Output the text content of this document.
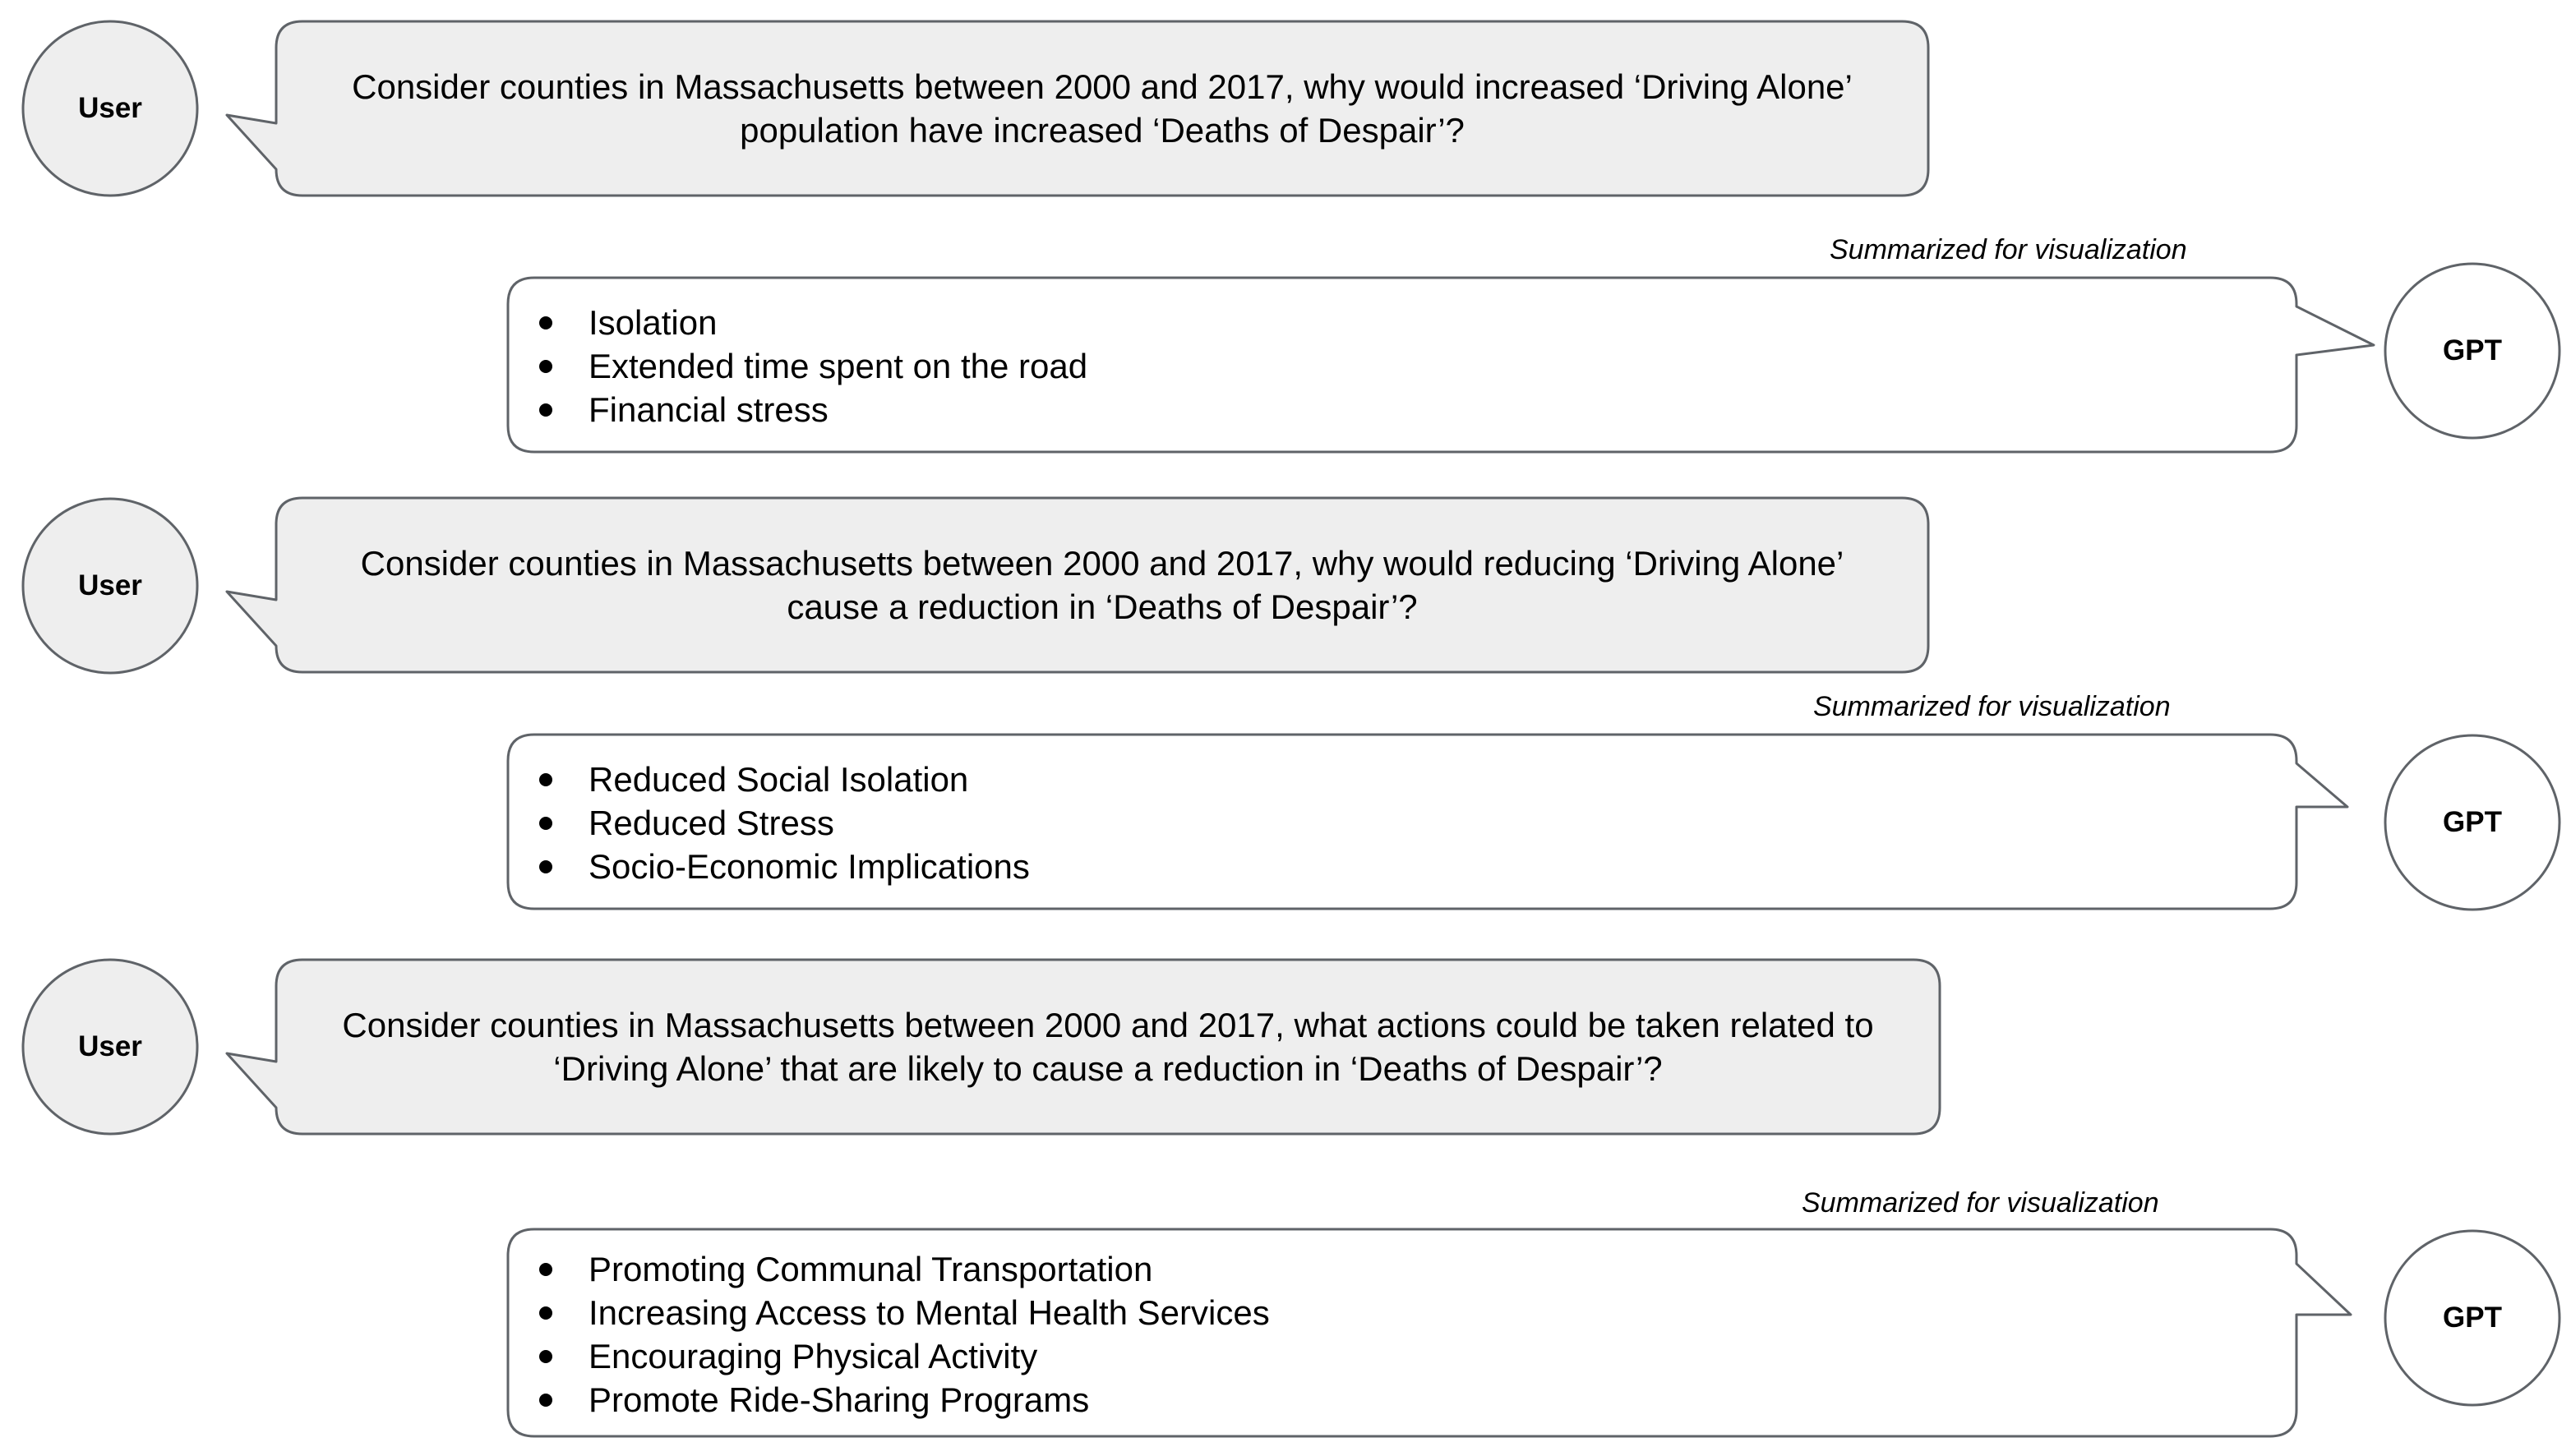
User
User
User
GPT
GPT
GPT
Consider counties in Massachusetts between 2000 and 2017, why would increased ‘Driving Alone’
population have increased ‘Deaths of Despair’?
Consider counties in Massachusetts between 2000 and 2017, why would reducing ‘Driving Alone’
cause a reduction in ‘Deaths of Despair’?
Consider counties in Massachusetts between 2000 and 2017, what actions could be taken related to
‘Driving Alone’ that are likely to cause a reduction in ‘Deaths of Despair’?
Summarized for visualization
Summarized for visualization
Summarized for visualization
Isolation
Extended time spent on the road
Financial stress
Reduced Social Isolation
Reduced Stress
Socio-Economic Implications
Promoting Communal Transportation
Increasing Access to Mental Health Services
Encouraging Physical Activity
Promote Ride-Sharing Programs
